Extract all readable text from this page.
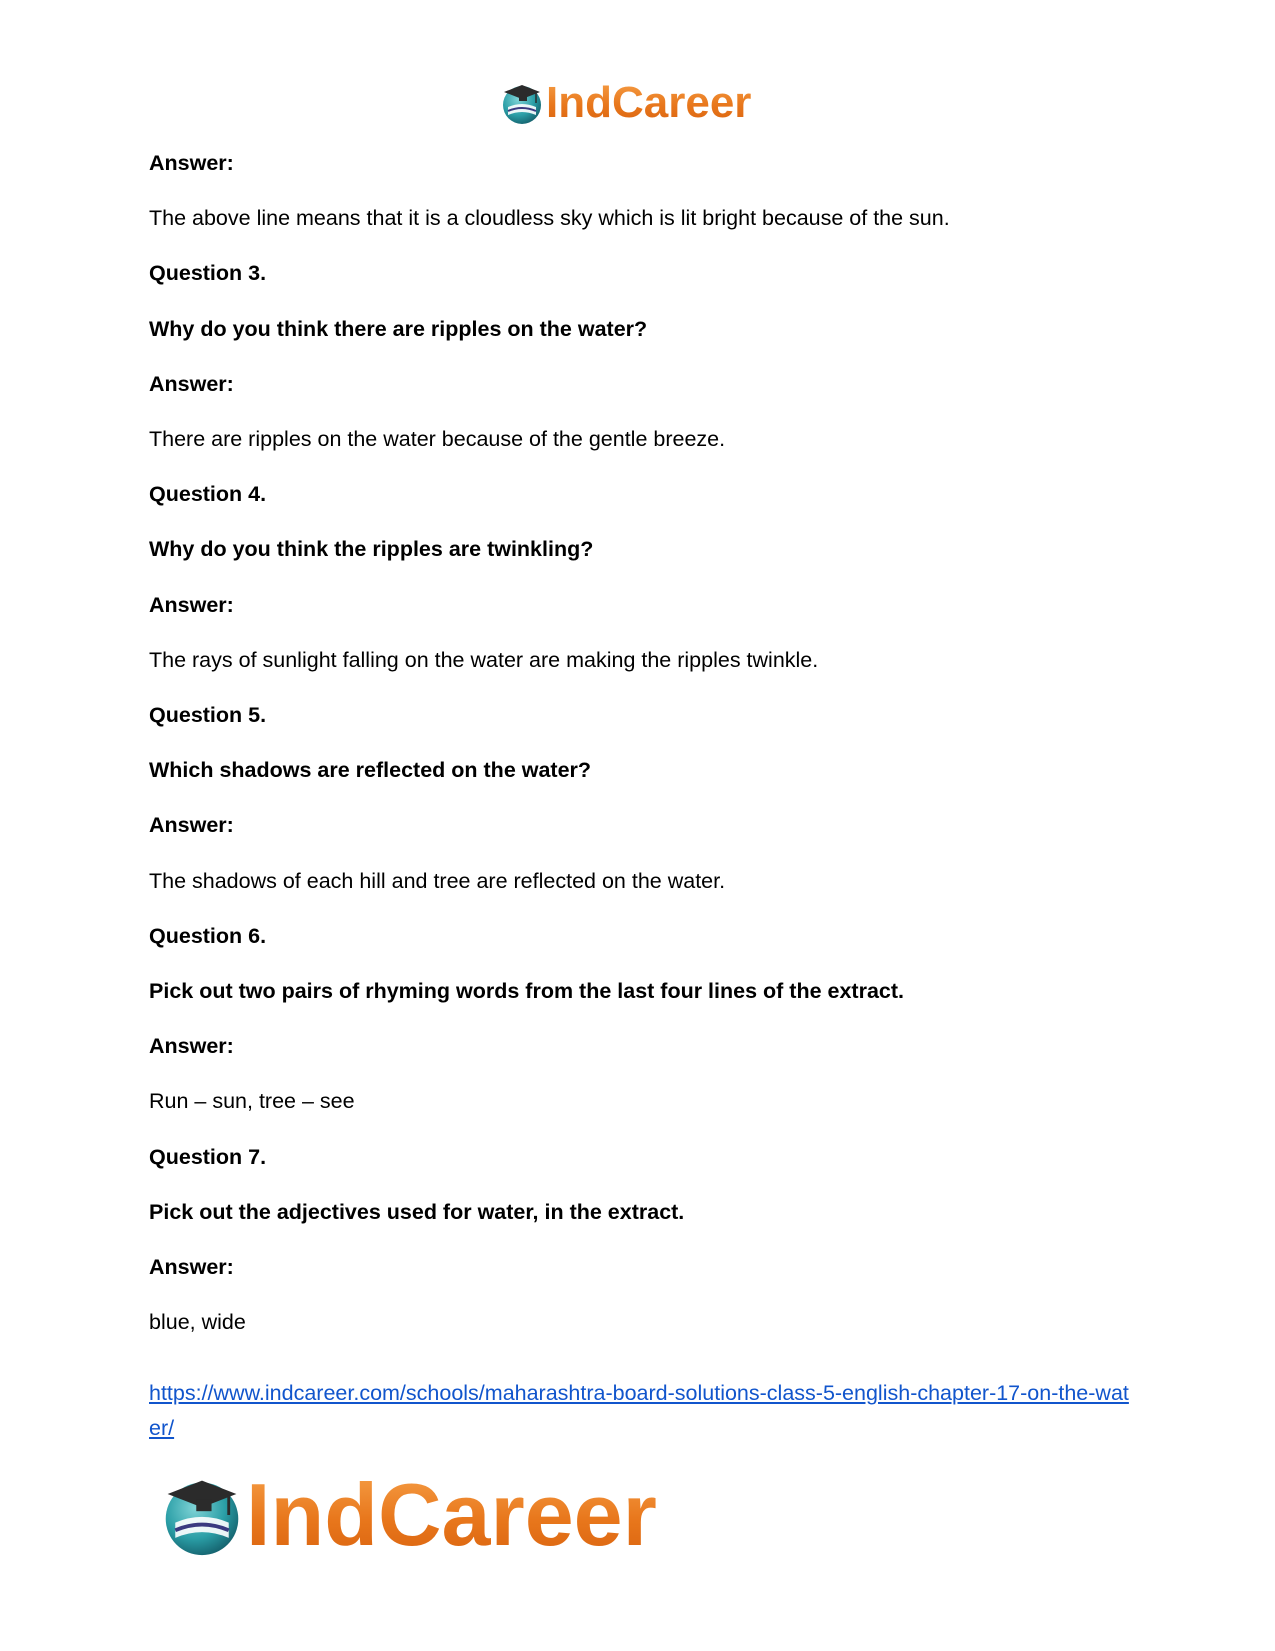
IndCareer
Answer:
The above line means that it is a cloudless sky which is lit bright because of the sun.
Question 3.
Why do you think there are ripples on the water?
Answer:
There are ripples on the water because of the gentle breeze.
Question 4.
Why do you think the ripples are twinkling?
Answer:
The rays of sunlight falling on the water are making the ripples twinkle.
Question 5.
Which shadows are reflected on the water?
Answer:
The shadows of each hill and tree are reflected on the water.
Question 6.
Pick out two pairs of rhyming words from the last four lines of the extract.
Answer:
Run – sun, tree – see
Question 7.
Pick out the adjectives used for water, in the extract.
Answer:
blue, wide
https://www.indcareer.com/schools/maharashtra-board-solutions-class-5-english-chapter-17-on-the-water/
IndCareer
